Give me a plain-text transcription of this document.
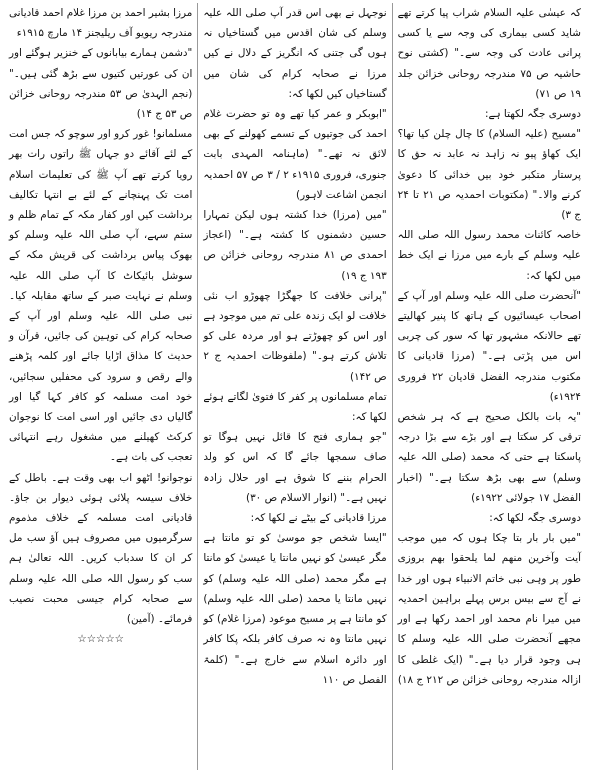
کہ عیسٰی علیہ السلام شراب پیا کرتے تھے شاید کسی بیماری کی وجہ سے یا کسی پرانی عادت کی وجہ سے۔" (کشتی نوح حاشیہ ص ۷۵ مندرجہ روحانی خزائن جلد ۱۹ ص ۷۱)

دوسری جگہ لکھتا ہے:

"مسیح (علیہ السلام) کا چال چلن کیا تھا؟ ایک کھاؤ پیو نہ زاہد نہ عابد نہ حق کا پرستار متکبر خود بیں خدائی کا دعویٰ کرنے والا۔" (مکتوبات احمدیہ ص ۲۱ تا ۲۴ ج ۳)

خاصہ کائنات محمد رسول اللہ صلی اللہ علیہ وسلم کے بارے میں مرزا نے ایک خط میں لکھا کہ:

"آنحضرت صلی اللہ علیہ وسلم اور آپ کے اصحاب عیسائیوں کے ہاتھ کا پنیر کھالیتے تھے حالانکہ مشہور تھا کہ سور کی چربی اس میں پڑتی ہے۔" (مرزا قادیانی کا مکتوب مندرجہ الفضل قادیان ۲۲ فروری ۱۹۲۴ء)

"یہ بات بالکل صحیح ہے کہ ہر شخص ترقی کر سکتا ہے اور بڑے سے بڑا درجہ پاسکتا ہے حتی کہ محمد (صلی اللہ علیہ وسلم) سے بھی بڑھ سکتا ہے۔" (اخبار الفضل ۱۷ جولائی ۱۹۲۲ء)

دوسری جگہ لکھا کہ:

"میں بار بار بتا چکا ہوں کہ میں موجب آیت وآخرین منھم لما یلحقوا بھم بروزی طور پر وہی نبی خاتم الانبیاء ہوں اور خدا نے آج سے بیس برس پہلے براہین احمدیہ میں میرا نام محمد اور احمد رکھا ہے اور مجھے آنحضرت صلی اللہ علیہ وسلم کا ہی وجود قرار دیا ہے۔" (ایک غلطی کا ازالہ مندرجہ روحانی خزائن ص ۲۱۲ ج ۱۸)

نوجہل نے بھی اس قدر آپ صلی اللہ علیہ وسلم کی شان اقدس میں گستاخیاں نہ ہوں گی جتنی کہ انگریز کے دلال نے کیں مرزا نے صحابہ کرام کی شان میں گستاخیاں کیں لکھا کہ:

"ابوبکر و عمر کیا تھے وہ تو حضرت غلام احمد کی جوتیوں کے تسمے کھولنے کے بھی لائق نہ تھے۔" (ماہنامہ المہدی بابت جنوری، فروری ۱۹۱۵ء ۲ / ۳ ص ۵۷ احمدیہ انجمن اشاعت لاہور)

"میں (مرزا) خدا کشتہ ہوں لیکن تمہارا حسین دشمنوں کا کشتہ ہے۔" (اعجاز احمدی ص ۸۱ مندرجہ روحانی خزائن ص ۱۹۳ ج ۱۹)

"پرانی خلافت کا جھگڑا چھوڑو اب نئی خلافت لو ایک زندہ علی تم میں موجود ہے اور اس کو چھوڑتے ہو اور مردہ علی کو تلاش کرتے ہو۔" (ملفوظات احمدیہ ج ۲ ص ۱۴۲)

تمام مسلمانوں پر کفر کا فتویٰ لگاتے ہوئے لکھا کہ:

"جو ہماری فتح کا قائل نہیں ہوگا تو صاف سمجھا جائے گا کہ اس کو ولد الحرام بننے کا شوق ہے اور حلال زادہ نہیں ہے۔" (انوار الاسلام ص ۳۰)

مرزا قادیانی کے بیٹے نے لکھا کہ:

"ایسا شخص جو موسیٰ کو تو مانتا ہے مگر عیسیٰ کو نہیں مانتا یا عیسیٰ کو مانتا ہے مگر محمد (صلی اللہ علیہ وسلم) کو نہیں مانتا یا محمد (صلی اللہ علیہ وسلم) کو مانتا ہے پر مسیح موعود (مرزا غلام) کو نہیں مانتا وہ نہ صرف کافر بلکہ پکا کافر اور دائرہ اسلام سے خارج ہے۔" (کلمۃ الفصل ص ۱۱۰

مرزا بشیر احمد بن مرزا غلام احمد قادیانی مندرجہ ریویو آف ریلیجنز ۱۴ مارچ ۱۹۱۵ء

"دشمن ہمارے بیابانوں کے خنزیر ہوگئے اور ان کی عورتیں کتیوں سے بڑھ گئی ہیں۔" (نجم الہدیٰ ص ۵۳ مندرجہ روحانی خزائن ص ۵۳ ج ۱۴)

مسلمانو! غور کرو اور سوچو کہ جس امت کے لئے آقائے دو جہاں ﷺ راتوں رات بھر رویا کرتے تھے آپ ﷺ کی تعلیمات اسلام امت تک پہنچانے کے لئے بے انتہا تکالیف برداشت کیں اور کفار مکہ کے تمام ظلم و ستم سہے، آپ صلی اللہ علیہ وسلم کو بھوک پیاس برداشت کی قریش مکہ کے سوشل بائیکاٹ کا آپ صلی اللہ علیہ وسلم نے نہایت صبر کے ساتھ مقابلہ کیا۔ نبی صلی اللہ علیہ وسلم اور آپ کے صحابہ کرام کی توہین کی جائیں، قرآن و حدیث کا مذاق اڑایا جائے اور کلمہ پڑھنے والے رقص و سرود کی محفلیں سجائیں، خود امت مسلمہ کو کافر کہا گیا اور گالیاں دی جائیں اور اسی امت کا نوجوان کرکٹ کھیلنے میں مشغول رہے انتہائی تعجب کی بات ہے۔

نوجوانو! اٹھو اب بھی وقت ہے۔ باطل کے خلاف سیسہ پلائی ہوئی دیوار بن جاؤ۔ قادیانی امت مسلمہ کے خلاف مذموم سرگرمیوں میں مصروف ہیں آؤ سب مل کر ان کا سدباب کریں۔ اللہ تعالیٰ ہم سب کو رسول اللہ صلی اللہ علیہ وسلم سے صحابہ کرام جیسی محبت نصیب فرمائے۔ (آمین)

☆☆☆☆☆
